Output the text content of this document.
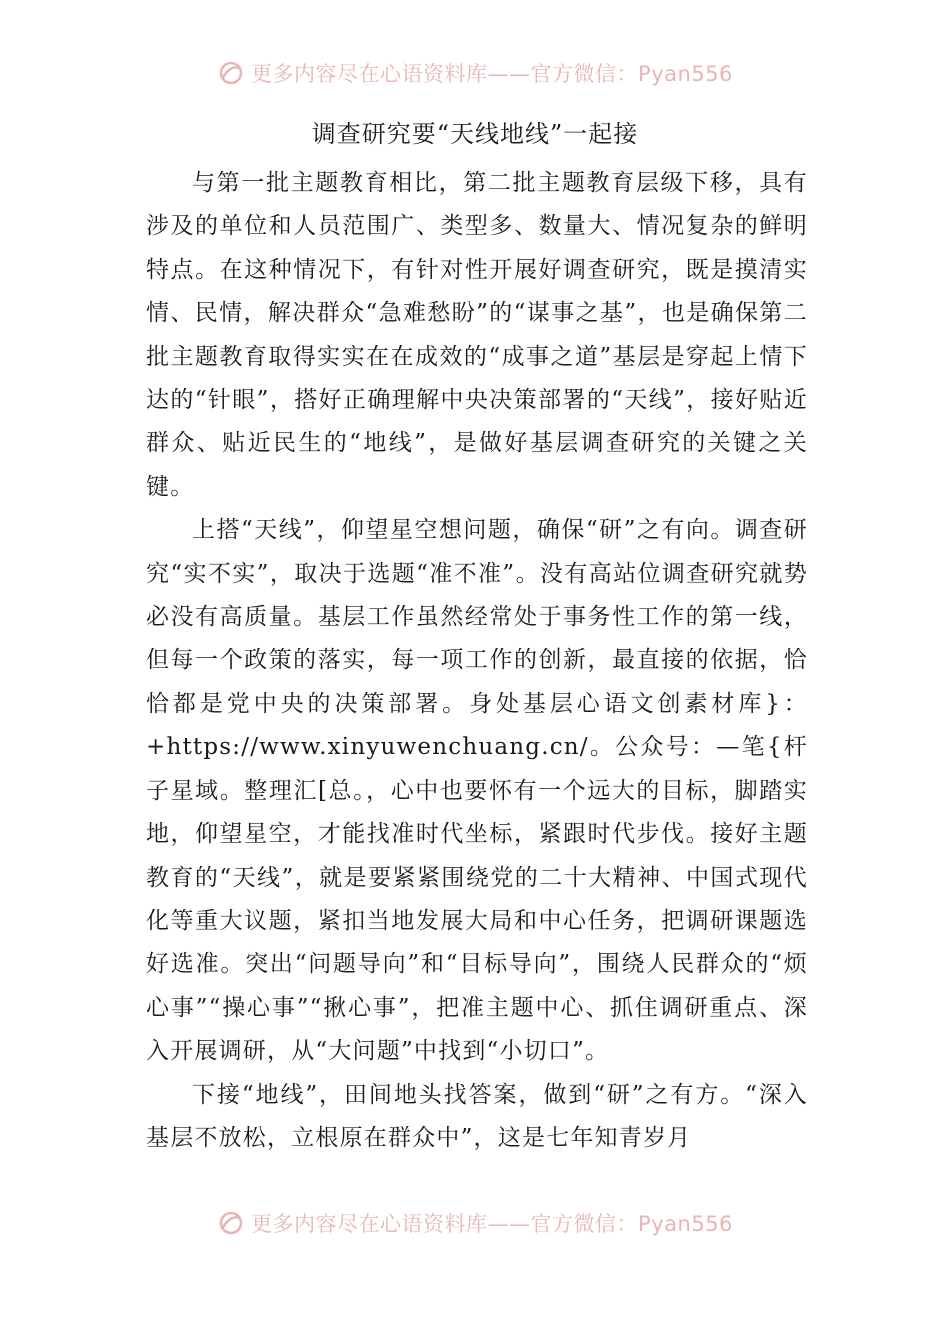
更多内容尽在心语资料库——官方微信：Pyan556
调查研究要“天线地线”一起接

与第一批主题教育相比，第二批主题教育层级下移，具有涉及的单位和人员范围广、类型多、数量大、情况复杂的鲜明特点。在这种情况下，有针对性开展好调查研究，既是摸清实情、民情，解决群众“急难愁盼”的“谋事之基”，也是确保第二批主题教育取得实实在在成效的“成事之道”基层是穿起上情下达的“针眼”，搭好正确理解中央决策部署的“天线”，接好贴近群众、贴近民生的“地线”，是做好基层调查研究的关键之关键。

上搭“天线”，仰望星空想问题，确保“研”之有向。调查研究“实不实”，取决于选题“准不准”。没有高站位调查研究就势必没有高质量。基层工作虽然经常处于事务性工作的第一线，但每一个政策的落实，每一项工作的创新，最直接的依据，恰恰都是党中央的决策部署。身处基层心语文创素材库}：+https://www.xinyuwenchuang.cn/。公众号：—笔{杆子星域。整理汇[总。，心中也要怀有一个远大的目标，脚踏实地，仰望星空，才能找准时代坐标，紧跟时代步伐。接好主题教育的“天线”，就是要紧紧围绕党的二十大精神、中国式现代化等重大议题，紧扣当地发展大局和中心任务，把调研课题选好选准。突出“问题导向”和“目标导向”，围绕人民群众的“烦心事”“操心事”“揪心事”，把准主题中心、抓住调研重点、深入开展调研，从“大问题”中找到“小切口”。

下接“地线”，田间地头找答案，做到“研”之有方。“深入基层不放松，立根原在群众中”，这是七年知青岁月

更多内容尽在心语资料库——官方微信：Pyan556
